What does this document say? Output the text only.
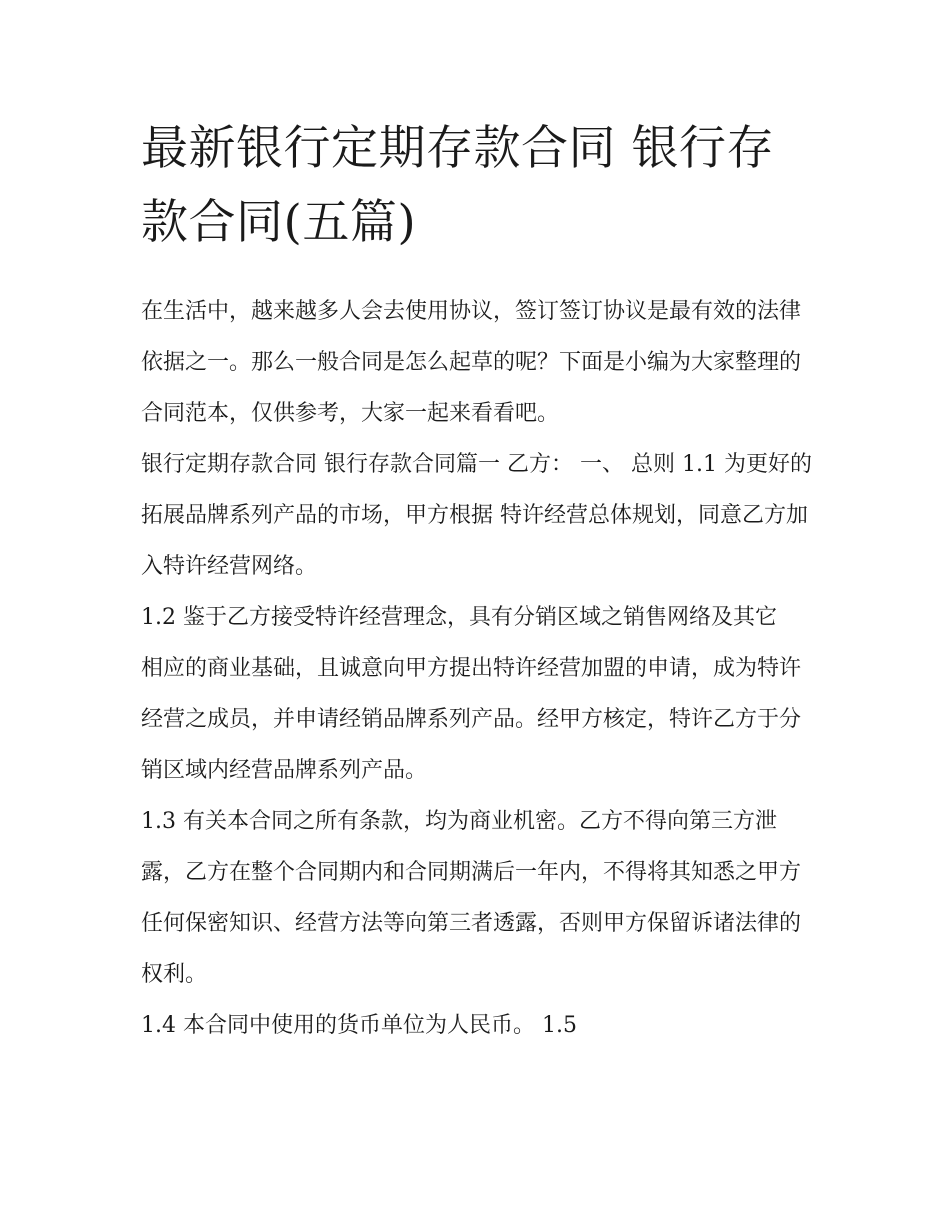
最新银行定期存款合同 银行存款合同(五篇)

在生活中，越来越多人会去使用协议，签订签订协议是最有效的法律依据之一。那么一般合同是怎么起草的呢？下面是小编为大家整理的合同范本，仅供参考，大家一起来看看吧。

银行定期存款合同 银行存款合同篇一 乙方： 一、 总则 1.1 为更好的拓展品牌系列产品的市场，甲方根据 特许经营总体规划，同意乙方加入特许经营网络。

1.2 鉴于乙方接受特许经营理念，具有分销区域之销售网络及其它

相应的商业基础，且诚意向甲方提出特许经营加盟的申请，成为特许经营之成员，并申请经销品牌系列产品。经甲方核定，特许乙方于分销区域内经营品牌系列产品。

1.3 有关本合同之所有条款，均为商业机密。乙方不得向第三方泄露，乙方在整个合同期内和合同期满后一年内，不得将其知悉之甲方任何保密知识、经营方法等向第三者透露，否则甲方保留诉诸法律的权利。

1.4 本合同中使用的货币单位为人民币。 1.5
